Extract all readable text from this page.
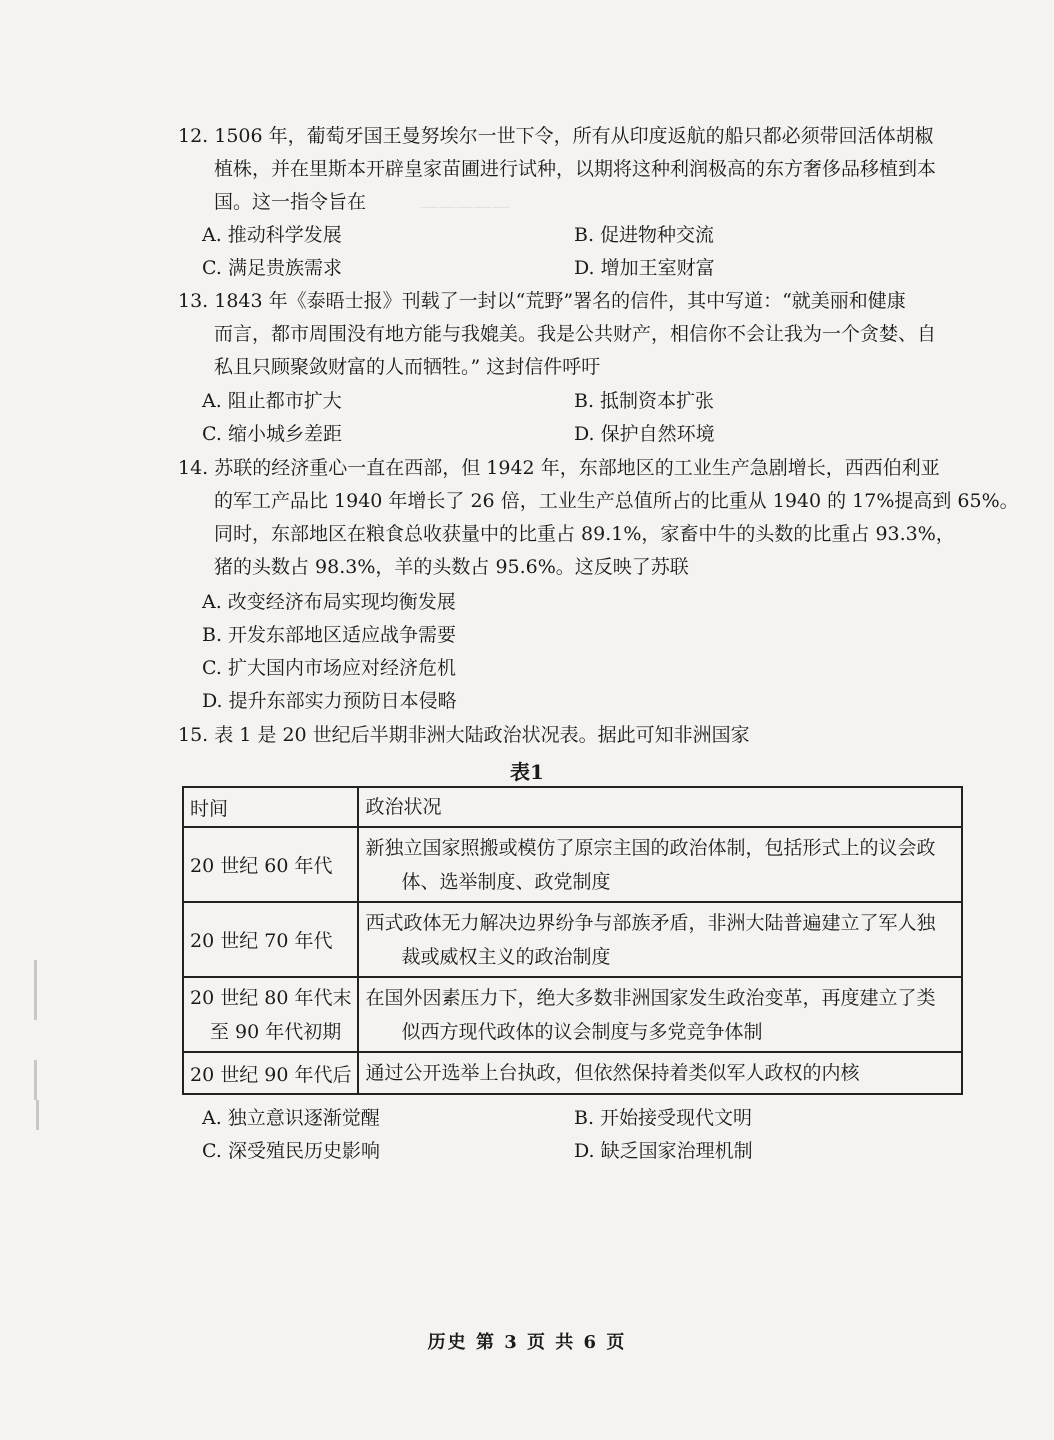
—————
12. 1506 年，葡萄牙国王曼努埃尔一世下令，所有从印度返航的船只都必须带回活体胡椒
植株，并在里斯本开辟皇家苗圃进行试种，以期将这种利润极高的东方奢侈品移植到本
国。这一指令旨在
A. 推动科学发展	B. 促进物种交流
C. 满足贵族需求	D. 增加王室财富
13. 1843 年《泰晤士报》刊载了一封以“荒野”署名的信件，其中写道：“就美丽和健康
而言，都市周围没有地方能与我媲美。我是公共财产，相信你不会让我为一个贪婪、自
私且只顾聚敛财富的人而牺牲。” 这封信件呼吁
A. 阻止都市扩大	B. 抵制资本扩张
C. 缩小城乡差距	D. 保护自然环境
14. 苏联的经济重心一直在西部，但 1942 年，东部地区的工业生产急剧增长，西西伯利亚
的军工产品比 1940 年增长了 26 倍，工业生产总值所占的比重从 1940 的 17%提高到 65%。
同时，东部地区在粮食总收获量中的比重占 89.1%，家畜中牛的头数的比重占 93.3%，
猪的头数占 98.3%，羊的头数占 95.6%。这反映了苏联
A. 改变经济布局实现均衡发展
B. 开发东部地区适应战争需要
C. 扩大国内市场应对经济危机
D. 提升东部实力预防日本侵略
15. 表 1 是 20 世纪后半期非洲大陆政治状况表。据此可知非洲国家
表1
时间	政治状况
20 世纪 60 年代	新独立国家照搬或模仿了原宗主国的政治体制，包括形式上的议会政
体、选举制度、政党制度

20 世纪 70 年代	西式政体无力解决边界纷争与部族矛盾，非洲大陆普遍建立了军人独
裁或威权主义的政治制度

20 世纪 80 年代末
至 90 年代初期	在国外因素压力下，绝大多数非洲国家发生政治变革，再度建立了类
似西方现代政体的议会制度与多党竞争体制

20 世纪 90 年代后	通过公开选举上台执政，但依然保持着类似军人政权的内核
A. 独立意识逐渐觉醒	B. 开始接受现代文明
C. 深受殖民历史影响	D. 缺乏国家治理机制
历史 第 3 页 共 6 页
